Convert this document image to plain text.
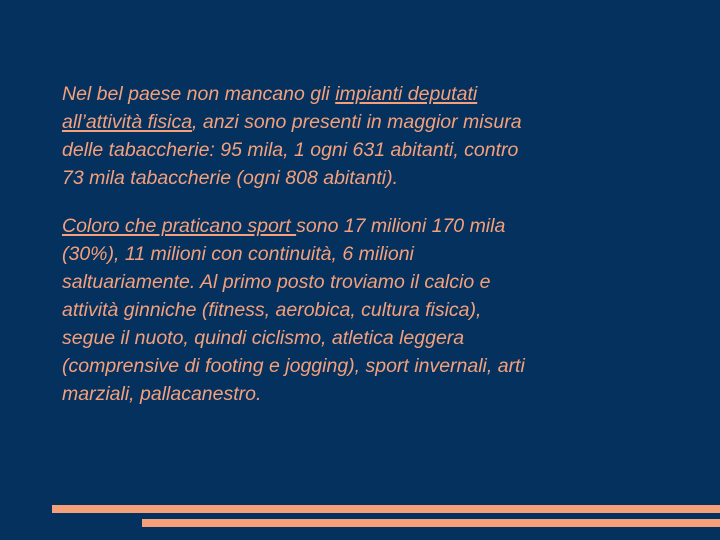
Nel bel paese non mancano gli impianti deputati
all’attività fisica, anzi sono presenti in maggior misura
delle tabaccherie: 95 mila, 1 ogni 631 abitanti, contro
73 mila tabaccherie (ogni 808 abitanti).

Coloro che praticano sport sono 17 milioni 170 mila
(30%), 11 milioni con continuità, 6 milioni
saltuariamente. Al primo posto troviamo il calcio e
attività ginniche (fitness, aerobica, cultura fisica),
segue il nuoto, quindi ciclismo, atletica leggera
(comprensive di footing e jogging), sport invernali, arti
marziali, pallacanestro.
